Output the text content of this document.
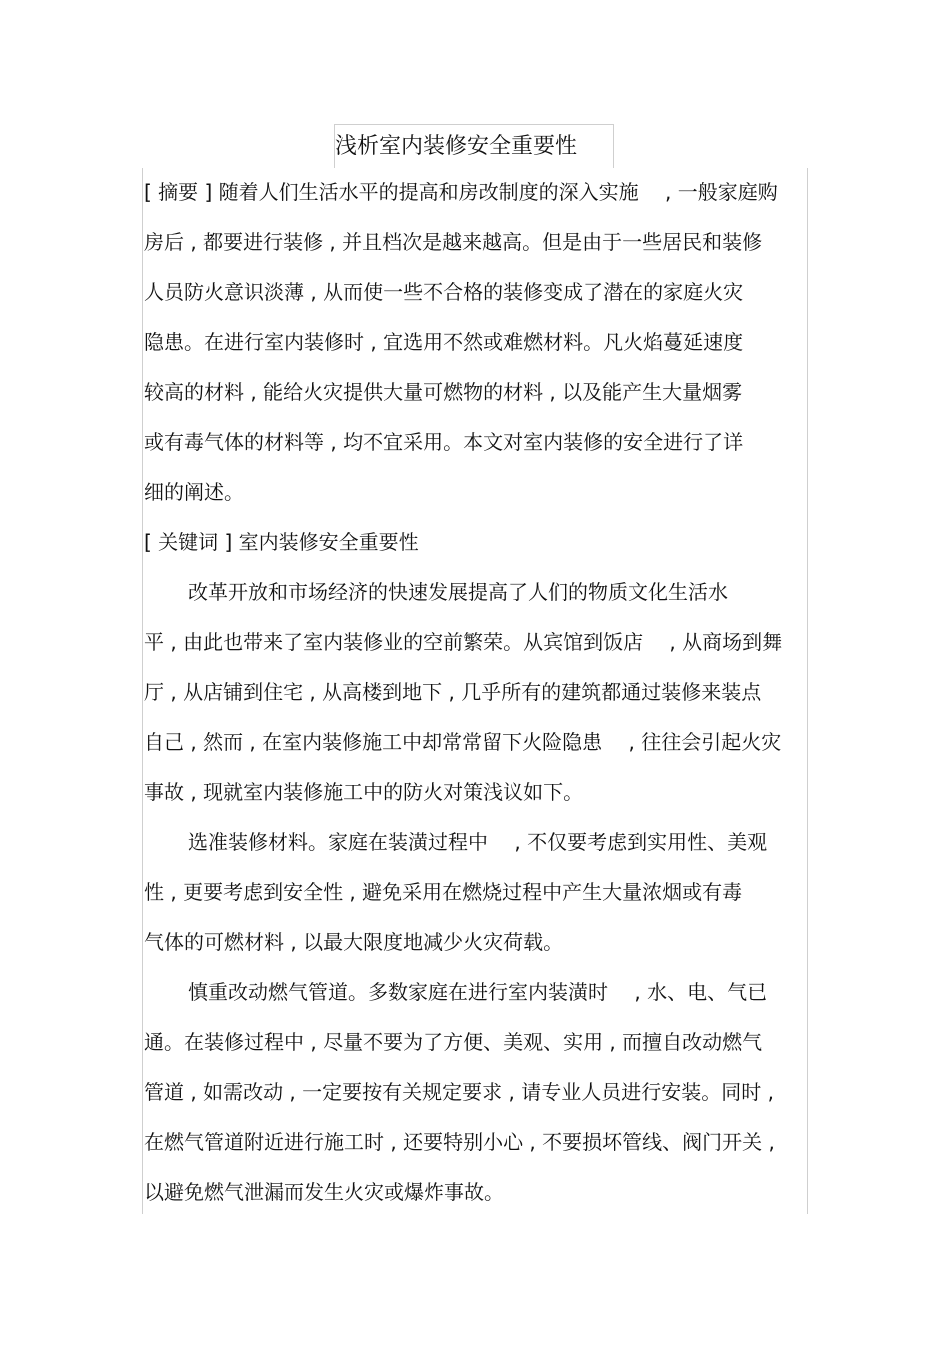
浅析室内装修安全重要性
[ 摘要 ] 随着人们生活水平的提高和房改制度的深入实施　 , 一般家庭购
房后 , 都要进行装修 , 并且档次是越来越高。但是由于一些居民和装修
人员防火意识淡薄 , 从而使一些不合格的装修变成了潜在的家庭火灾
隐患。在进行室内装修时 , 宜选用不然或难燃材料。凡火焰蔓延速度
较高的材料 , 能给火灾提供大量可燃物的材料 , 以及能产生大量烟雾
或有毒气体的材料等 , 均不宜采用。本文对室内装修的安全进行了详
细的阐述。
[ 关键词 ] 室内装修安全重要性
改革开放和市场经济的快速发展提高了人们的物质文化生活水
平 , 由此也带来了室内装修业的空前繁荣。从宾馆到饭店　 , 从商场到舞
厅 , 从店铺到住宅 , 从高楼到地下 , 几乎所有的建筑都通过装修来装点
自己 , 然而 , 在室内装修施工中却常常留下火险隐患　 , 往往会引起火灾
事故 , 现就室内装修施工中的防火对策浅议如下。
选准装修材料。家庭在装潢过程中　 , 不仅要考虑到实用性、美观
性 , 更要考虑到安全性 , 避免采用在燃烧过程中产生大量浓烟或有毒
气体的可燃材料 , 以最大限度地减少火灾荷载。
慎重改动燃气管道。多数家庭在进行室内装潢时　 , 水、电、气已
通。在装修过程中 , 尽量不要为了方便、美观、实用 , 而擅自改动燃气
管道 , 如需改动 , 一定要按有关规定要求 , 请专业人员进行安装。同时 ,
在燃气管道附近进行施工时 , 还要特别小心 , 不要损坏管线、阀门开关 ,
以避免燃气泄漏而发生火灾或爆炸事故。
